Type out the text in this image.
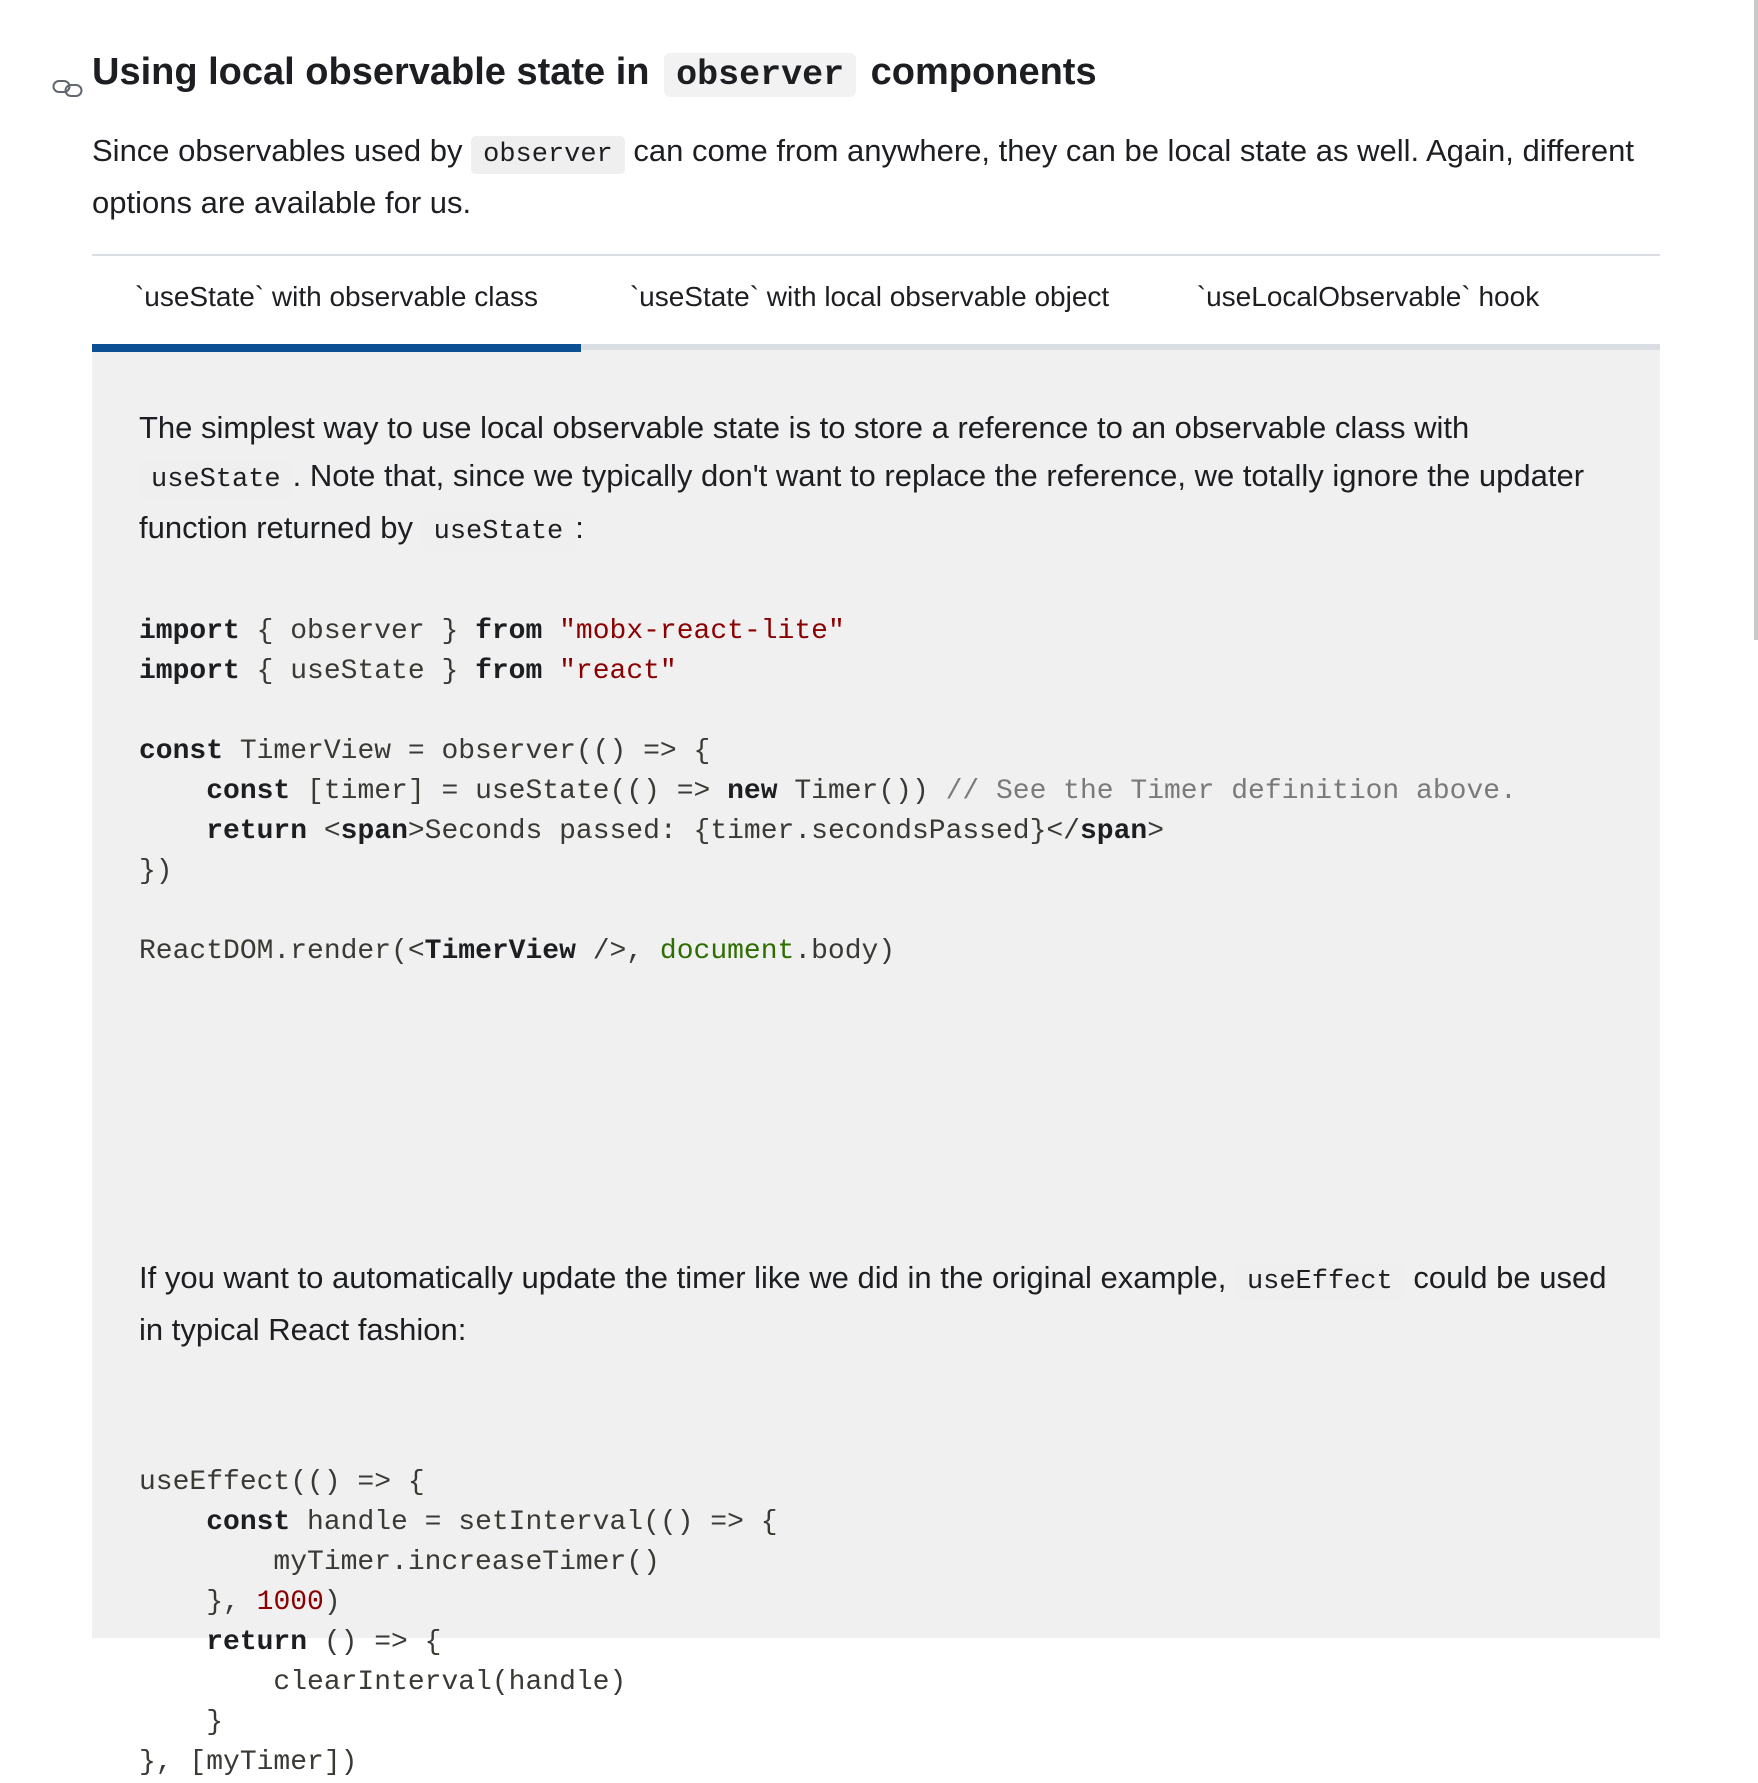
Using local observable state in observer components

Since observables used by observer can come from anywhere, they can be local state as well. Again, different options are available for us.

`useState` with observable class	`useState` with local observable object	`useLocalObservable` hook

The simplest way to use local observable state is to store a reference to an observable class with useState . Note that, since we typically don't want to replace the reference, we totally ignore the updater function returned by useState :

import { observer } from "mobx-react-lite"
import { useState } from "react"

const TimerView = observer(() => {
const [timer] = useState(() => new Timer()) // See the Timer definition above.
return <span>Seconds passed: {timer.secondsPassed}</span>
})

ReactDOM.render(<TimerView />, document.body)

If you want to automatically update the timer like we did in the original example, useEffect could be used in typical React fashion:

useEffect(() => {
const handle = setInterval(() => {
myTimer.increaseTimer()
}, 1000)
return () => {
clearInterval(handle)
}
}, [myTimer])
